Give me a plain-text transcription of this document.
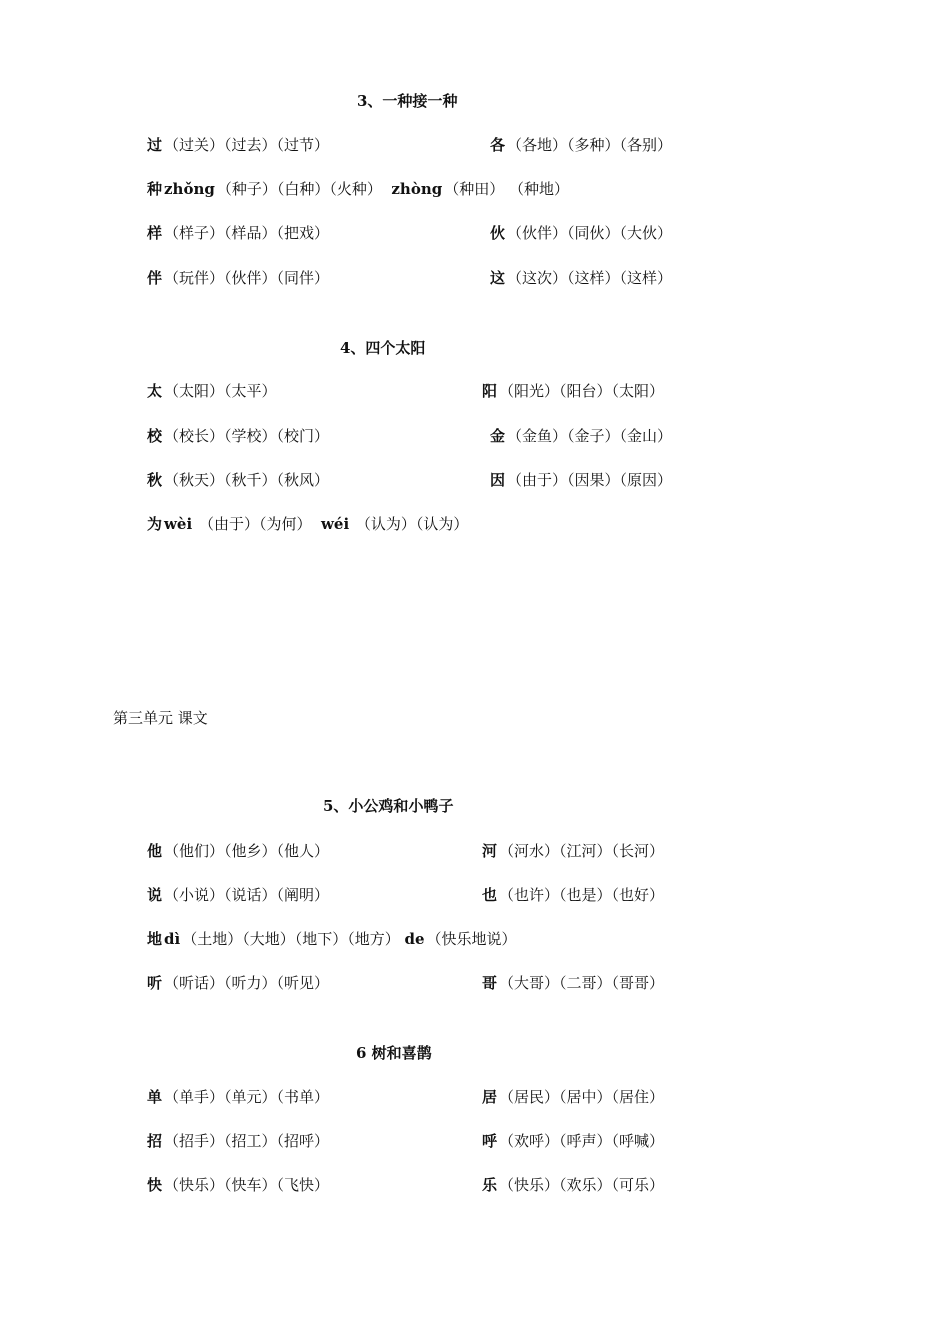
3、一种接一种
过 （过关）（过去）（过节）	各 （各地）（多种）（各别）
种 zhǒng （种子）（白种）（火种） zhòng （种田） （种地）
样 （样子）（样品）（把戏）	伙 （伙伴）（同伙）（大伙）
伴 （玩伴）（伙伴）（同伴）	这 （这次）（这样）（这样）
4、四个太阳
太 （太阳）（太平）	阳 （阳光）（阳台）（太阳）
校 （校长）（学校）（校门）	金 （金鱼）（金子）（金山）
秋 （秋天）（秋千）（秋风）	因 （由于）（因果）（原因）
为 wèi （由于）（为何） wéi （认为）（认为）
第三单元 课文
5、小公鸡和小鸭子
他 （他们）（他乡）（他人）	河 （河水）（江河）（长河）
说 （小说）（说话）（阐明）	也 （也许）（也是）（也好）
地 dì （土地）（大地）（地下）（地方） de （快乐地说）
听 （听话）（听力）（听见）	哥 （大哥）（二哥）（哥哥）
6 树和喜鹊
单 （单手）（单元）（书单）	居 （居民）（居中）（居住）
招 （招手）（招工）（招呼）	呼 （欢呼）（呼声）（呼喊）
快 （快乐）（快车）（飞快）	乐 （快乐）（欢乐）（可乐）
